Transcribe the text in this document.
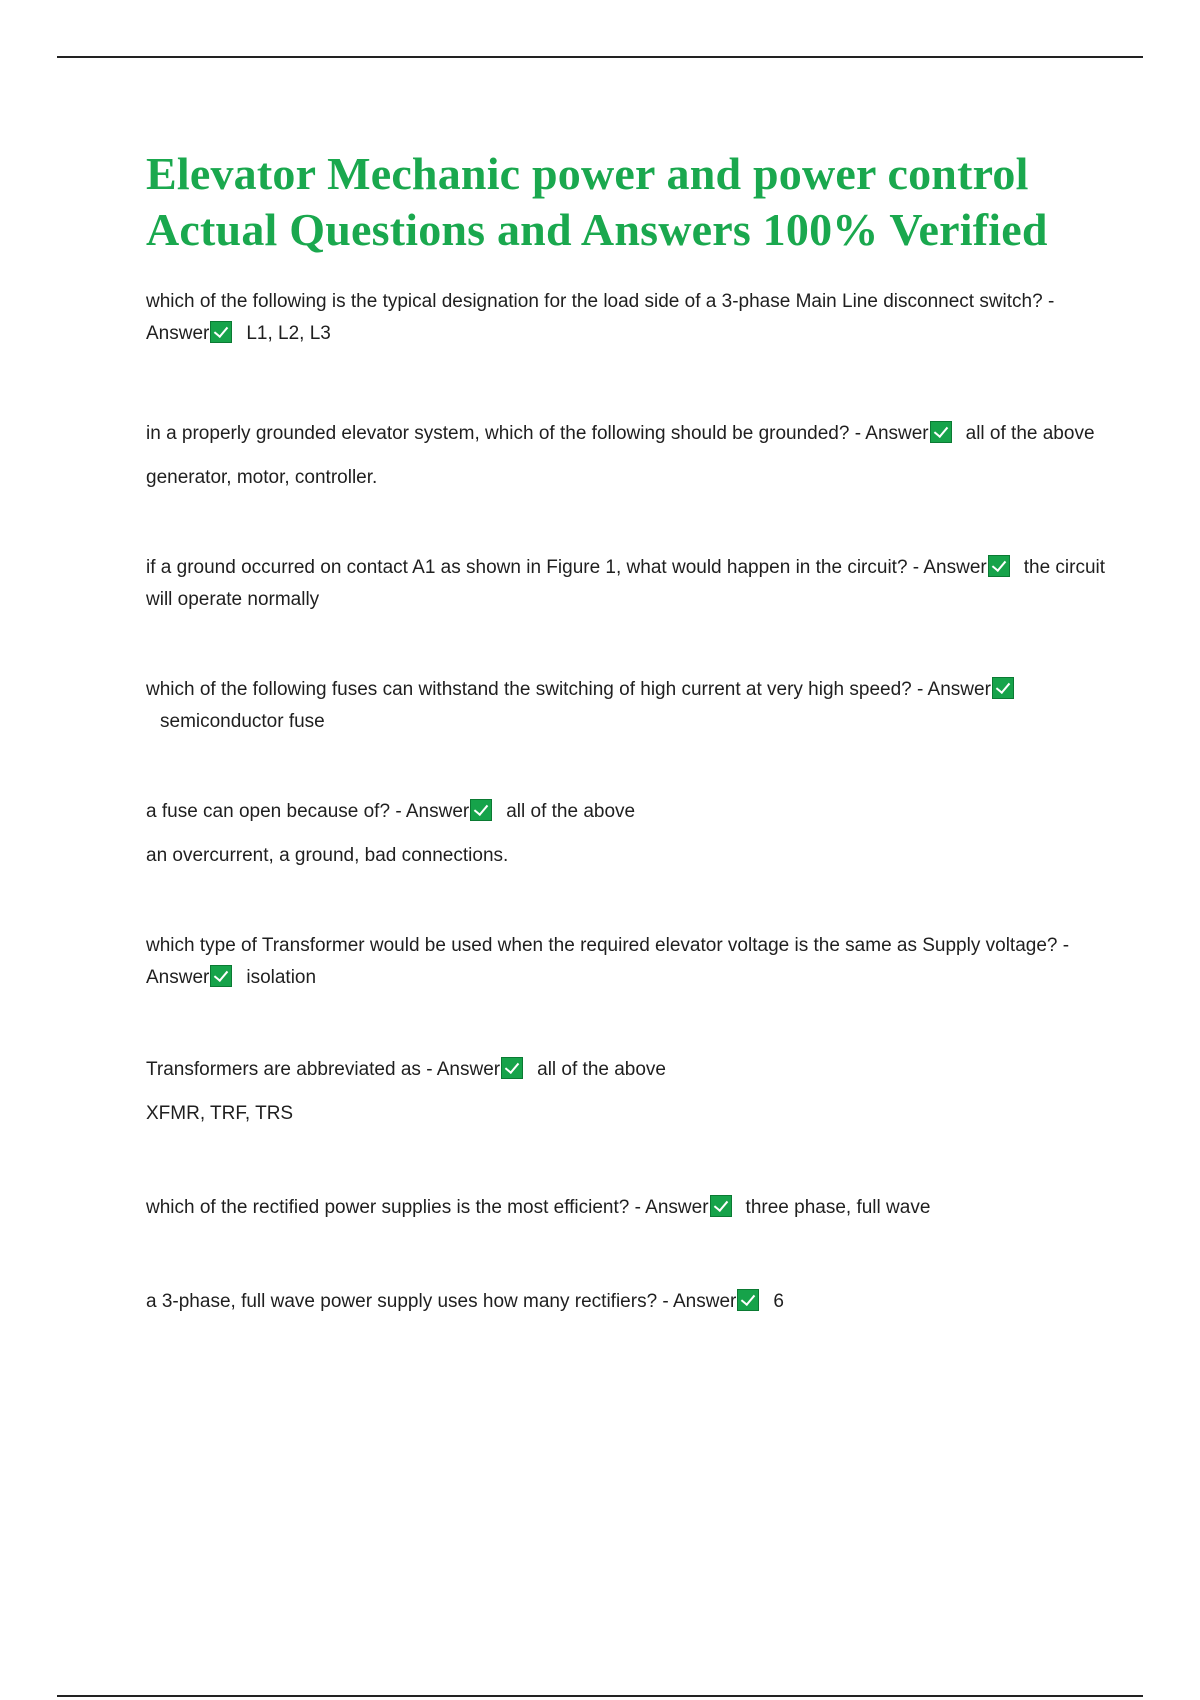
Elevator Mechanic power and power control Actual Questions and Answers 100% Verified

which of the following is the typical designation for the load side of a 3-phase Main Line disconnect switch? - Answer L1, L2, L3

in a properly grounded elevator system, which of the following should be grounded? - Answer all of the above

generator, motor, controller.

if a ground occurred on contact A1 as shown in Figure 1, what would happen in the circuit? - Answer the circuit will operate normally

which of the following fuses can withstand the switching of high current at very high speed? - Answersemiconductor fuse

a fuse can open because of? - Answer all of the above

an overcurrent, a ground, bad connections.

which type of Transformer would be used when the required elevator voltage is the same as Supply voltage? - Answer isolation

Transformers are abbreviated as - Answer all of the above

XFMR, TRF, TRS

which of the rectified power supplies is the most efficient? - Answer three phase, full wave

a 3-phase, full wave power supply uses how many rectifiers? - Answer 6
